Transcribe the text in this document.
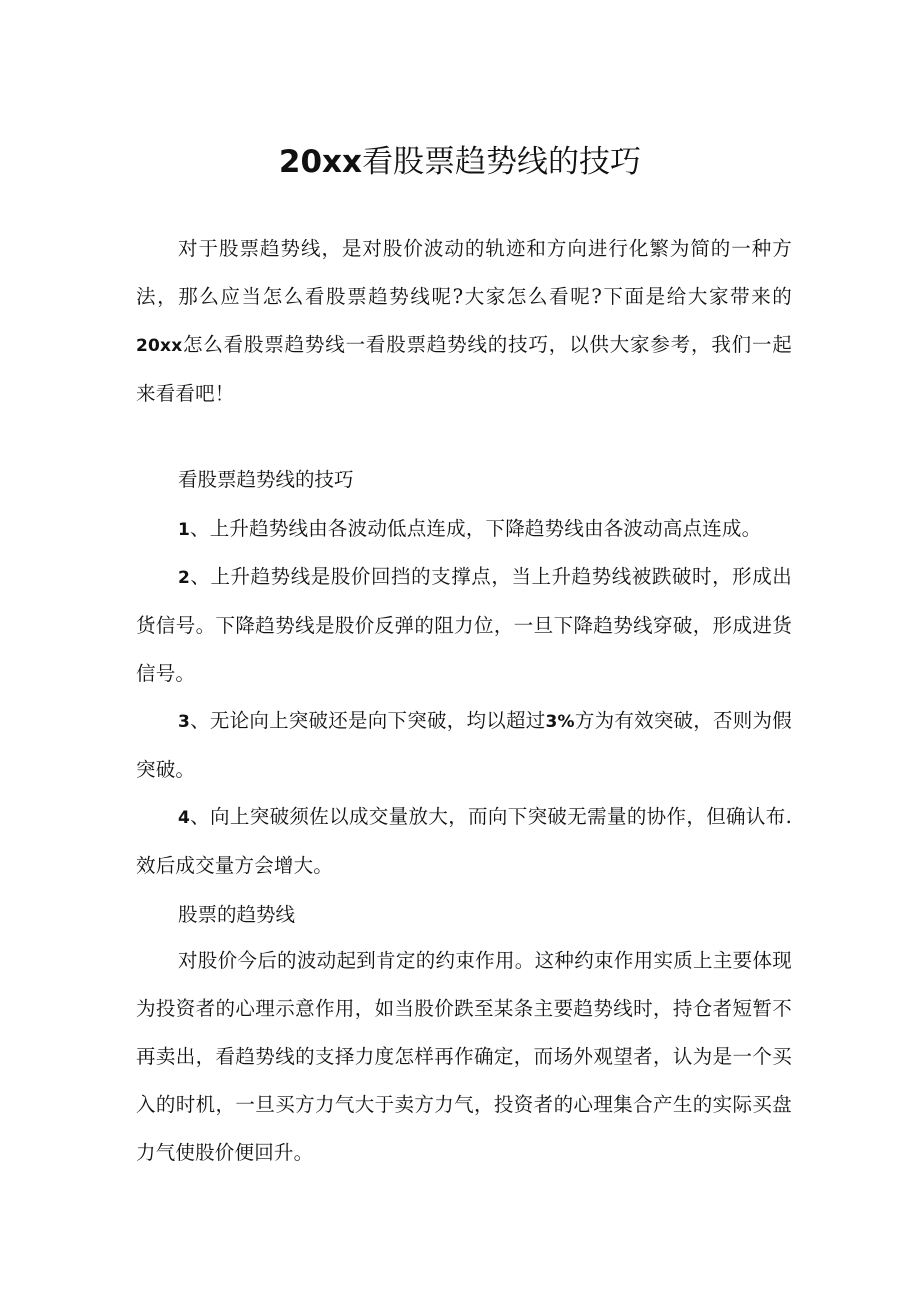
20xx看股票趋势线的技巧

对于股票趋势线，是对股价波动的轨迹和方向进行化繁为简的一种方法，那么应当怎么看股票趋势线呢?大家怎么看呢?下面是给大家带来的20xx怎么看股票趋势线一看股票趋势线的技巧，以供大家参考，我们一起来看看吧！

看股票趋势线的技巧

1、上升趋势线由各波动低点连成，下降趋势线由各波动高点连成。

2、上升趋势线是股价回挡的支撑点，当上升趋势线被跌破时，形成出货信号。下降趋势线是股价反弹的阻力位，一旦下降趋势线穿破，形成进货信号。

3、无论向上突破还是向下突破，均以超过3%方为有效突破，否则为假突破。

4、向上突破须佐以成交量放大，而向下突破无需量的协作，但确认布.效后成交量方会增大。

股票的趋势线

对股价今后的波动起到肯定的约束作用。这种约束作用实质上主要体现为投资者的心理示意作用，如当股价跌至某条主要趋势线时，持仓者短暂不再卖出，看趋势线的支择力度怎样再作确定，而场外观望者，认为是一个买入的时机，一旦买方力气大于卖方力气，投资者的心理集合产生的实际买盘力气使股价便回升。
